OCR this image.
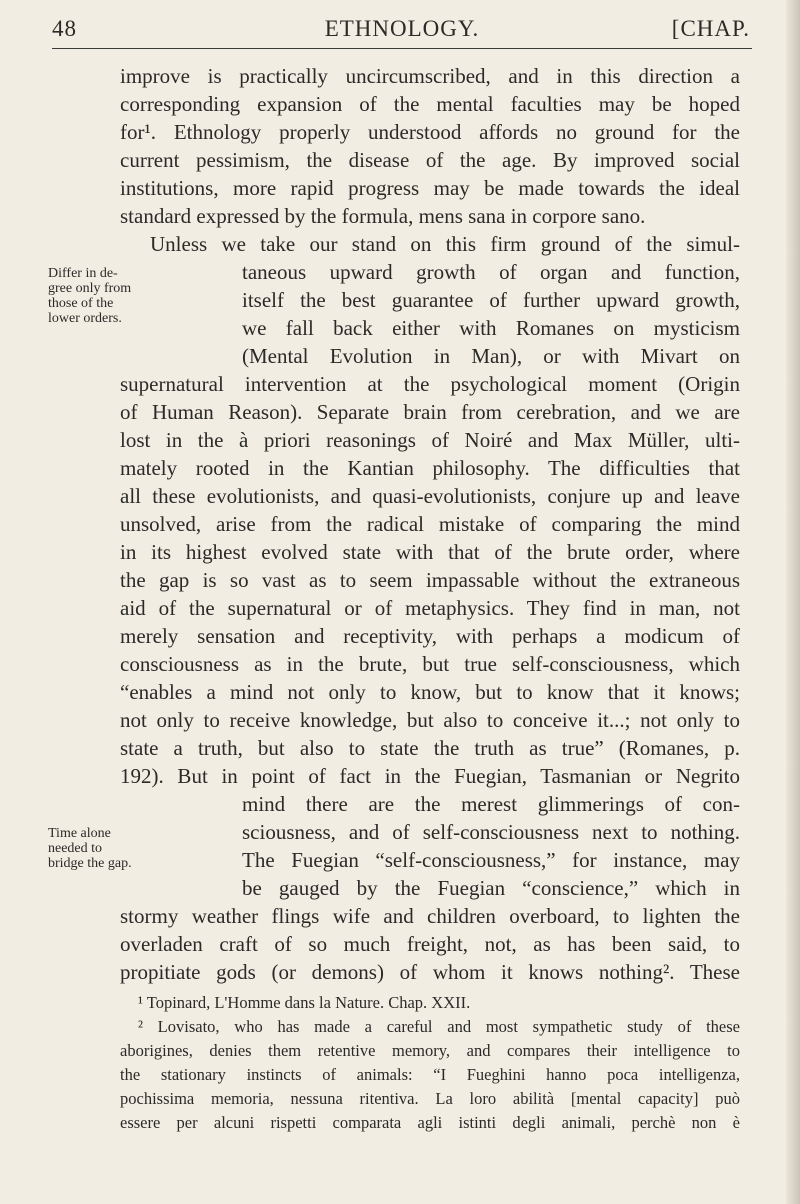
48	ETHNOLOGY.	[CHAP.
improve is practically uncircumscribed, and in this direction a
corresponding expansion of the mental faculties may be hoped
for¹. Ethnology properly understood affords no ground for the
current pessimism, the disease of the age. By improved social
institutions, more rapid progress may be made towards the ideal
standard expressed by the formula, mens sana in corpore sano.
Unless we take our stand on this firm ground of the simul-
taneous upward growth of organ and function,
itself the best guarantee of further upward growth,
we fall back either with Romanes on mysticism
(Mental Evolution in Man), or with Mivart on
supernatural intervention at the psychological moment (Origin
of Human Reason). Separate brain from cerebration, and we are
lost in the à priori reasonings of Noiré and Max Müller, ulti-
mately rooted in the Kantian philosophy. The difficulties that
all these evolutionists, and quasi-evolutionists, conjure up and leave
unsolved, arise from the radical mistake of comparing the mind
in its highest evolved state with that of the brute order, where
the gap is so vast as to seem impassable without the extraneous
aid of the supernatural or of metaphysics. They find in man, not
merely sensation and receptivity, with perhaps a modicum of
consciousness as in the brute, but true self-consciousness, which
“enables a mind not only to know, but to know that it knows;
not only to receive knowledge, but also to conceive it...; not only to
state a truth, but also to state the truth as true” (Romanes, p.
192). But in point of fact in the Fuegian, Tasmanian or Negrito
mind there are the merest glimmerings of con-
sciousness, and of self-consciousness next to nothing.
The Fuegian “self-consciousness,” for instance, may
be gauged by the Fuegian “conscience,” which in
stormy weather flings wife and children overboard, to lighten the
overladen craft of so much freight, not, as has been said, to
propitiate gods (or demons) of whom it knows nothing². These
Differ in de-
gree only from
those of the
lower orders.
Time alone
needed to
bridge the gap.
¹ Topinard, L'Homme dans la Nature. Chap. XXII.
² Lovisato, who has made a careful and most sympathetic study of these
aborigines, denies them retentive memory, and compares their intelligence to
the stationary instincts of animals: “I Fueghini hanno poca intelligenza,
pochissima memoria, nessuna ritentiva. La loro abilità [mental capacity] può
essere per alcuni rispetti comparata agli istinti degli animali, perchè non è
